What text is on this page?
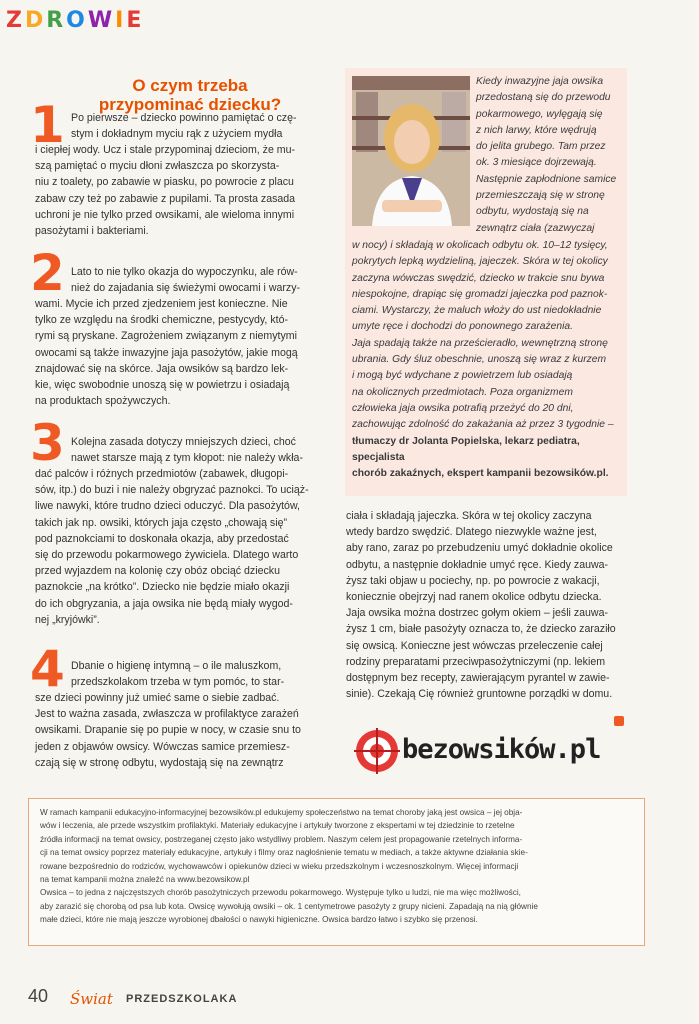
ZDROWIE
O czym trzeba
przypominać dziecku?
1 Po pierwsze – dziecko powinno pamiętać o czę-
stym i dokładnym myciu rąk z użyciem mydła
i ciepłej wody. Ucz i stale przypominaj dzieciom, że mu-
szą pamiętać o myciu dłoni zwłaszcza po skorzysta-
niu z toalety, po zabawie w piasku, po powrocie z placu
zabaw czy też po zabawie z pupilami. Ta prosta zasada
uchroni je nie tylko przed owsikami, ale wieloma innymi
pasożytami i bakteriami.
2 Lato to nie tylko okazja do wypoczynku, ale rów-
nież do zajadania się świeżymi owocami i warzy-
wami. Mycie ich przed zjedzeniem jest konieczne. Nie
tylko ze względu na środki chemiczne, pestycydy, któ-
rymi są pryskane. Zagrożeniem związanym z niemytymi
owocami są także inwazyjne jaja pasożytów, jakie mogą
znajdować się na skórce. Jaja owsików są bardzo lek-
kie, więc swobodnie unoszą się w powietrzu i osiadają
na produktach spożywczych.
3 Kolejna zasada dotyczy mniejszych dzieci, choć
nawet starsze mają z tym kłopot: nie należy wkła-
dać palców i różnych przedmiotów (zabawek, długopi-
sów, itp.) do buzi i nie należy obgryzać paznokci. To uciąż-
liwe nawyki, które trudno dzieci oduczyć. Dla pasożytów,
takich jak np. owsiki, których jaja często „chowają się”
pod paznokciami to doskonała okazja, aby przedostać
się do przewodu pokarmowego żywiciela. Dlatego warto
przed wyjazdem na kolonię czy obóz obciąć dziecku
paznokcie „na krótko”. Dziecko nie będzie miało okazji
do ich obgryzania, a jaja owsika nie będą miały wygod-
nej „kryjówki”.
4 Dbanie o higienę intymną – o ile maluszkom,
przedszkolakom trzeba w tym pomóc, to star-
sze dzieci powinny już umieć same o siebie zadbać.
Jest to ważna zasada, zwłaszcza w profilaktyce zarażeń
owsikami. Drapanie się po pupie w nocy, w czasie snu to
jeden z objawów owsicy. Wówczas samice przemiesz-
czają się w stronę odbytu, wydostają się na zewnątrz
Kiedy inwazyjne jaja owsika
przedostaną się do przewodu
pokarmowego, wylęgają się
z nich larwy, które wędrują
do jelita grubego. Tam przez
ok. 3 miesiące dojrzewają.
Następnie zapłodnione samice
przemieszczają się w stronę
odbytu, wydostają się na
zewnątrz ciała (zazwyczaj
w nocy) i składają w okolicach odbytu ok. 10–12 tysięcy,
pokrytych lepką wydzieliną, jajeczek. Skóra w tej okolicy
zaczyna wówczas swędzić, dziecko w trakcie snu bywa
niespokojne, drapiąc się gromadzi jajeczka pod paznok-
ciami. Wystarczy, że maluch włoży do ust niedokładnie
umyte ręce i dochodzi do ponownego zarażenia.
Jaja spadają także na prześcieradło, wewnętrzną stronę
ubrania. Gdy śluz obeschnie, unoszą się wraz z kurzem
i mogą być wdychane z powietrzem lub osiadają
na okolicznych przedmiotach. Poza organizmem
człowieka jaja owsika potrafią przeżyć do 20 dni,
zachowując zdolność do zakażania aż przez 3 tygodnie –
tłumaczy dr Jolanta Popielska, lekarz pediatra, specjalista
chorób zakaźnych, ekspert kampanii bezowsików.pl.
ciała i składają jajeczka. Skóra w tej okolicy zaczyna
wtedy bardzo swędzić. Dlatego niezwykle ważne jest,
aby rano, zaraz po przebudzeniu umyć dokładnie okolice
odbytu, a następnie dokładnie umyć ręce. Kiedy zauwa-
żysz taki objaw u pociechy, np. po powrocie z wakacji,
koniecznie obejrzyj nad ranem okolice odbytu dziecka.
Jaja owsika można dostrzec gołym okiem – jeśli zauwa-
żysz 1 cm, białe pasożyty oznacza to, że dziecko zaraziło
się owsicą. Konieczne jest wówczas przeleczenie całej
rodziny preparatami przeciwpasożytniczymi (np. lekiem
dostępnym bez recepty, zawierającym pyrantel w zawie-
sinie). Czekają Cię również gruntowne porządki w domu.
bezowsików.pl
W ramach kampanii edukacyjno-informacyjnej bezowsików.pl edukujemy społeczeństwo na temat choroby jaką jest owsica – jej obja-
wów i leczenia, ale przede wszystkim profilaktyki. Materiały edukacyjne i artykuły tworzone z ekspertami w tej dziedzinie to rzetelne
źródła informacji na temat owsicy, postrzeganej często jako wstydliwy problem. Naszym celem jest propagowanie rzetelnych informa-
cji na temat owsicy poprzez materiały edukacyjne, artykuły i filmy oraz nagłośnienie tematu w mediach, a także aktywne działania skie-
rowane bezpośrednio do rodziców, wychowawców i opiekunów dzieci w wieku przedszkolnym i wczesnoszkolnym. Więcej informacji
na temat kampanii można znaleźć na www.bezowsikow.pl
Owsica – to jedna z najczęstszych chorób pasożytniczych przewodu pokarmowego. Występuje tylko u ludzi, nie ma więc możliwości,
aby zarazić się chorobą od psa lub kota. Owsicę wywołują owsiki – ok. 1 centymetrowe pasożyty z grupy nicieni. Zapadają na nią głównie
małe dzieci, które nie mają jeszcze wyrobionej dbałości o nawyki higieniczne. Owsica bardzo łatwo i szybko się przenosi.
40 Świat PRZEDSZKOLAKA
